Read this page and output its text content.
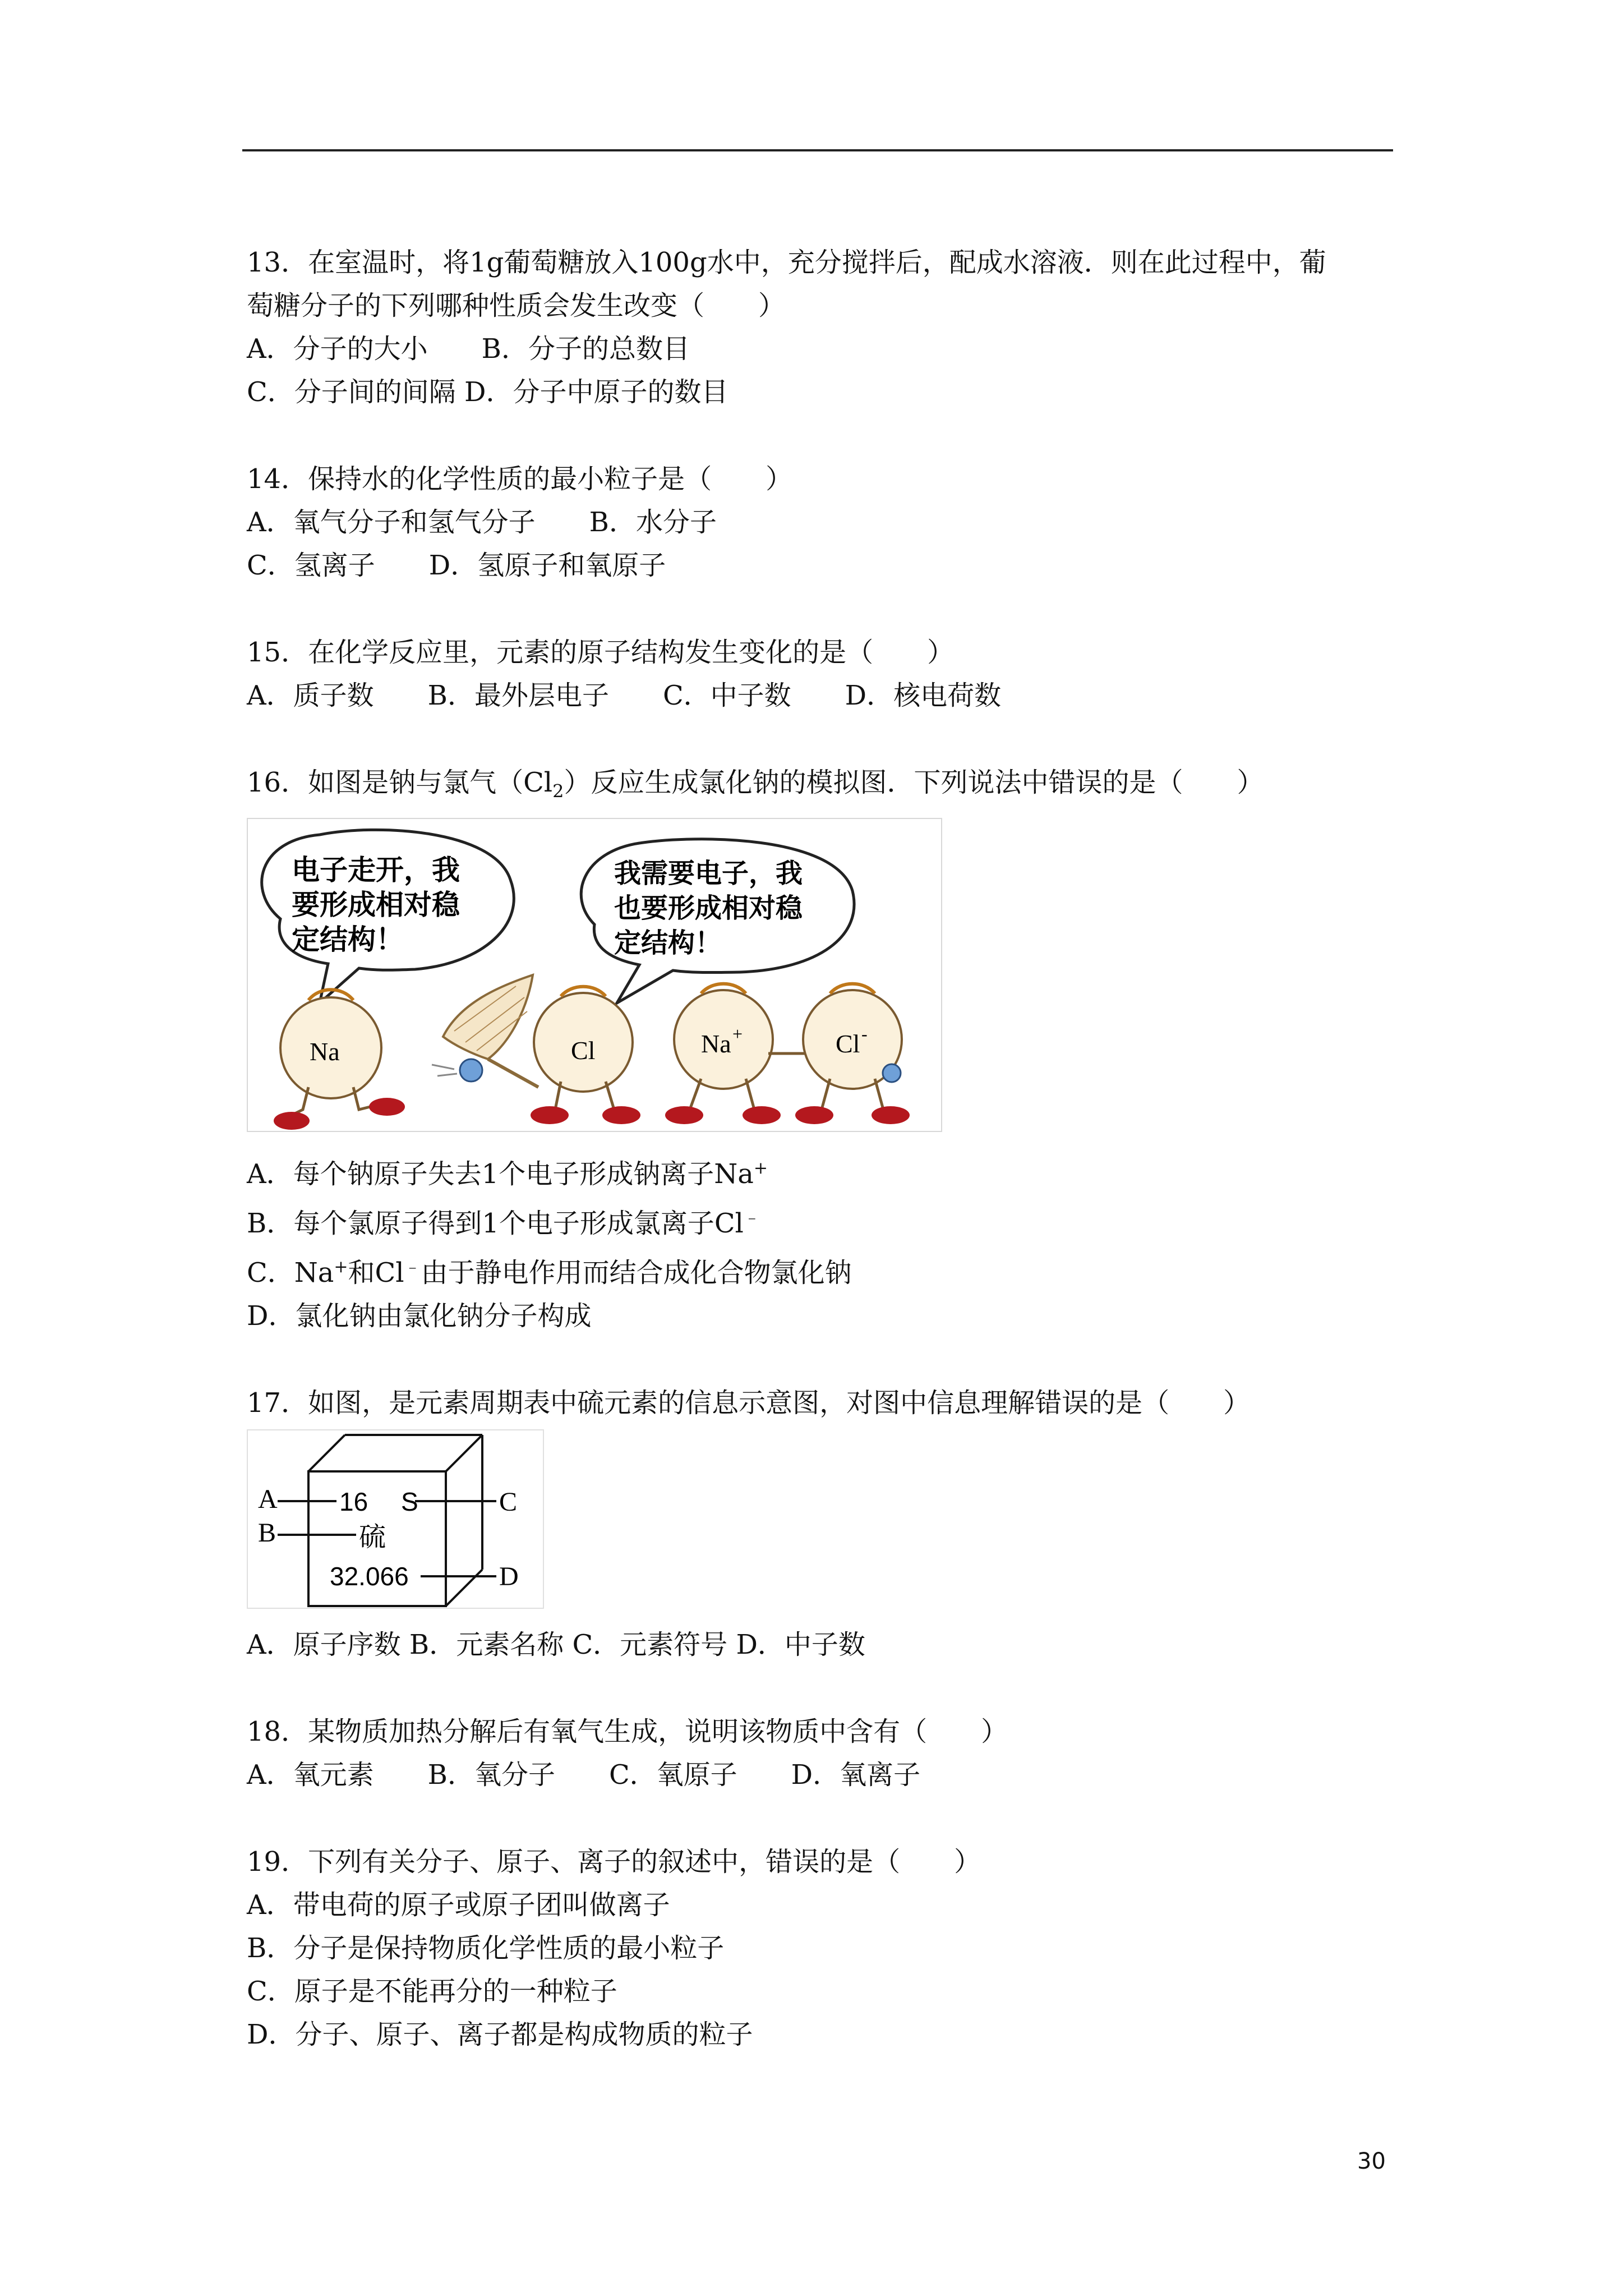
13．在室温时，将1g葡萄糖放入100g水中，充分搅拌后，配成水溶液．则在此过程中，葡
萄糖分子的下列哪种性质会发生改变（　　）
A．分子的大小　　B．分子的总数目
C．分子间的间隔 D．分子中原子的数目
14．保持水的化学性质的最小粒子是（　　）
A．氧气分子和氢气分子　　B．水分子
C．氢离子　　D．氢原子和氧原子
15．在化学反应里，元素的原子结构发生变化的是（　　）
A．质子数　　B．最外层电子　　C．中子数　　D．核电荷数
16．如图是钠与氯气$(Cl_2)$反应生成氯化钠的模拟图．下列说法中错误的是（　　）
电子走开，我
要形成相对稳
定结构！
我需要电子，我
也要形成相对稳
定结构！
Na	Cl	Na +	Cl -
A．每个钠原子失去1个电子形成钠离子Na+
B．每个氯原子得到1个电子形成氯离子Cl﹣
C．Na+和Cl﹣由于静电作用而结合成化合物氯化钠
D．氯化钠由氯化钠分子构成
17．如图，是元素周期表中硫元素的信息示意图，对图中信息理解错误的是（　　）
A 16 S	C
B	硫
32.066	D
A．原子序数 B．元素名称 C．元素符号 D．中子数
18．某物质加热分解后有氧气生成，说明该物质中含有（　　）
A．氧元素　　B．氧分子　　C．氧原子　　D．氧离子
19．下列有关分子、原子、离子的叙述中，错误的是（　　）
A．带电荷的原子或原子团叫做离子
B．分子是保持物质化学性质的最小粒子
C．原子是不能再分的一种粒子
D．分子、原子、离子都是构成物质的粒子
30
